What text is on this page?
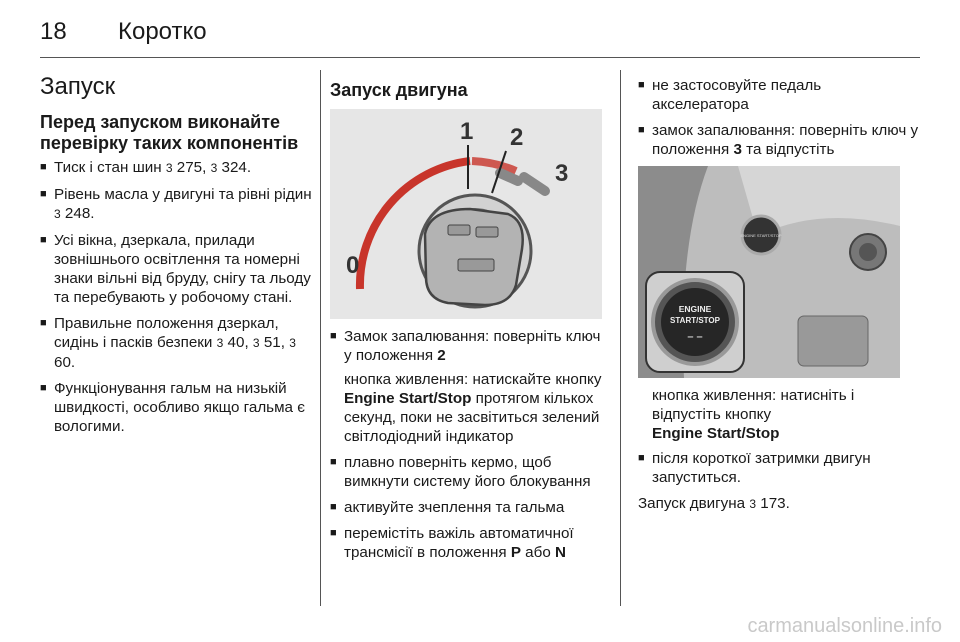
18 Коротко
Запуск
Перед запуском виконайте перевірку таких компонентів
■ Тиск і стан шин 3 275, 3 324.
■ Рівень масла у двигуні та рівні рідин 3 248.
■ Усі вікна, дзеркала, прилади зовнішнього освітлення та номерні знаки вільні від бруду, снігу та льоду та перебувають у робочому стані.
■ Правильне положення дзеркал, сидінь і пасків безпеки 3 40, 3 51, 3 60.
■ Функціонування гальм на низькій швидкості, особливо якщо гальма є вологими.
Запуск двигуна
0
1 2
3
■ Замок запалювання: поверніть ключ у положення 2
кнопка живлення: натискайте кнопку Engine Start/Stop протягом кількох секунд, поки не засвітиться зелений світлодіодний індикатор
■ плавно поверніть кермо, щоб вимкнути систему його блокування
■ активуйте зчеплення та гальма
■ перемістіть важіль автоматичної трансмісії в положення P або N
■ не застосовуйте педаль акселератора
■ замок запалювання: поверніть ключ у положення 3 та відпустіть
ENGINE START/STOP
ENGINE
START/STOP
– –

кнопка живлення: натисніть і відпустіть кнопку
Engine Start/Stop

■ після короткої затримки двигун запуститься.

Запуск двигуна 3 173.

carmanualsonline.info
